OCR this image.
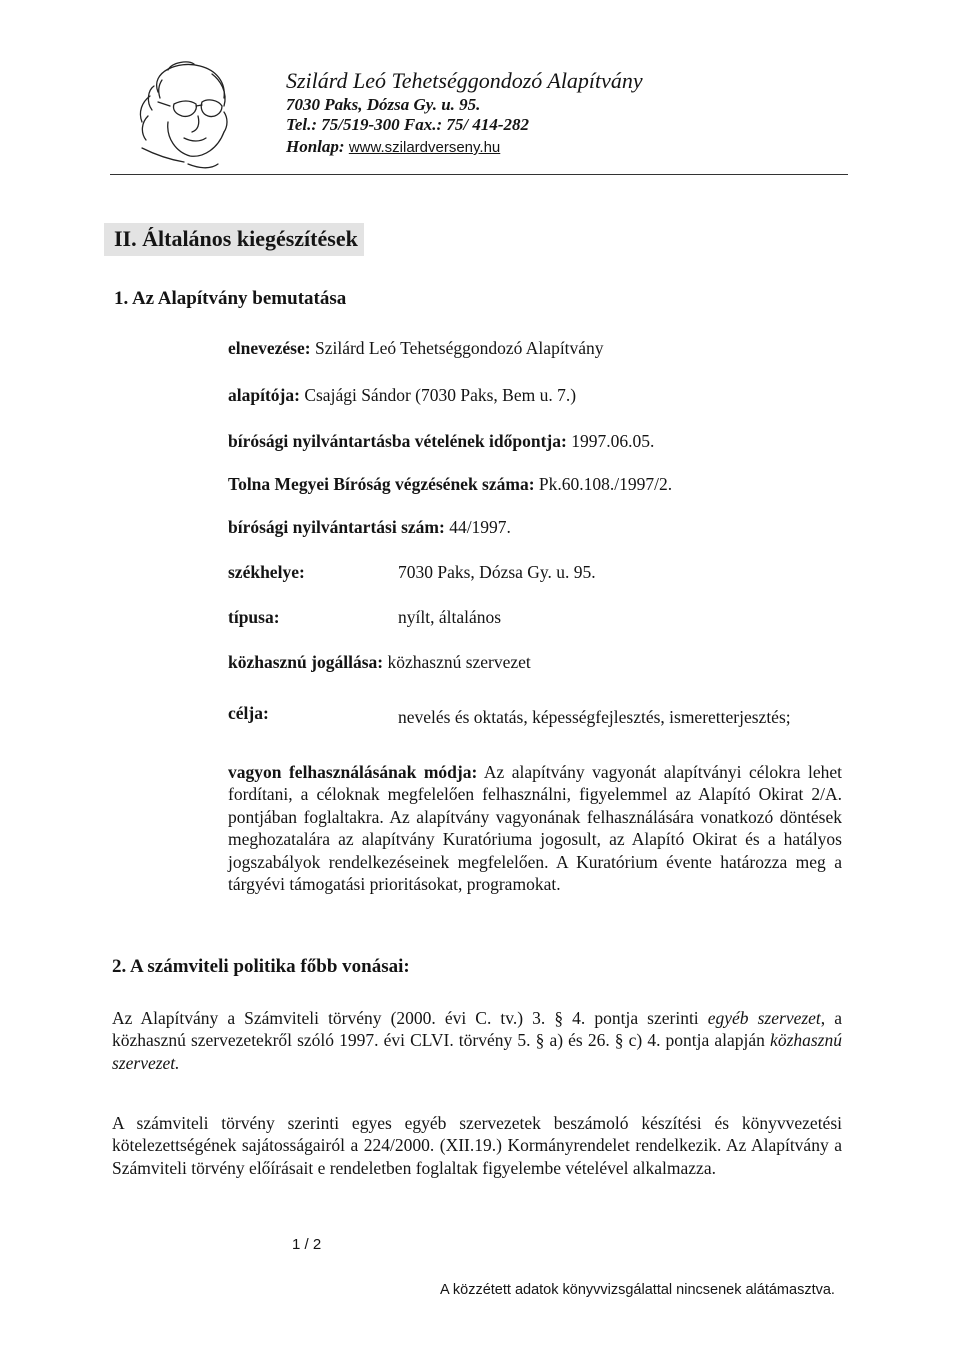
Szilárd Leó Tehetséggondozó Alapítvány
7030 Paks, Dózsa Gy. u. 95.
Tel.: 75/519-300 Fax.: 75/ 414-282
Honlap: www.szilardverseny.hu
II. Általános kiegészítések
1. Az Alapítvány bemutatása
elnevezése: Szilárd Leó Tehetséggondozó Alapítvány
alapítója: Csajági Sándor (7030 Paks, Bem u. 7.)
bírósági nyilvántartásba vételének időpontja: 1997.06.05.
Tolna Megyei Bíróság végzésének száma: Pk.60.108./1997/2.
bírósági nyilvántartási szám: 44/1997.
székhelye:	7030 Paks, Dózsa Gy. u. 95.
típusa:	nyílt, általános
közhasznú jogállása: közhasznú szervezet
célja:	nevelés és oktatás, képességfejlesztés, ismeretterjesztés;
vagyon felhasználásának módja: Az alapítvány vagyonát alapítványi célokra lehet fordítani, a céloknak megfelelően felhasználni, figyelemmel az Alapító Okirat 2/A. pontjában foglaltakra. Az alapítvány vagyonának felhasználására vonatkozó döntések meghozatalára az alapítvány Kuratóriuma jogosult, az Alapító Okirat és a hatályos jogszabályok rendelkezéseinek megfelelően. A Kuratórium évente határozza meg a tárgyévi támogatási prioritásokat, programokat.
2. A számviteli politika főbb vonásai:
Az Alapítvány a Számviteli törvény (2000. évi C. tv.) 3. § 4. pontja szerinti egyéb szervezet, a közhasznú szervezetekről szóló 1997. évi CLVI. törvény 5. § a) és 26. § c) 4. pontja alapján közhasznú szervezet.
A számviteli törvény szerinti egyes egyéb szervezetek beszámoló készítési és könyvvezetési kötelezettségének sajátosságairól a 224/2000. (XII.19.) Kormányrendelet rendelkezik. Az Alapítvány a Számviteli törvény előírásait e rendeletben foglaltak figyelembe vételével alkalmazza.
1 / 2
A közzétett adatok könyvvizsgálattal nincsenek alátámasztva.
